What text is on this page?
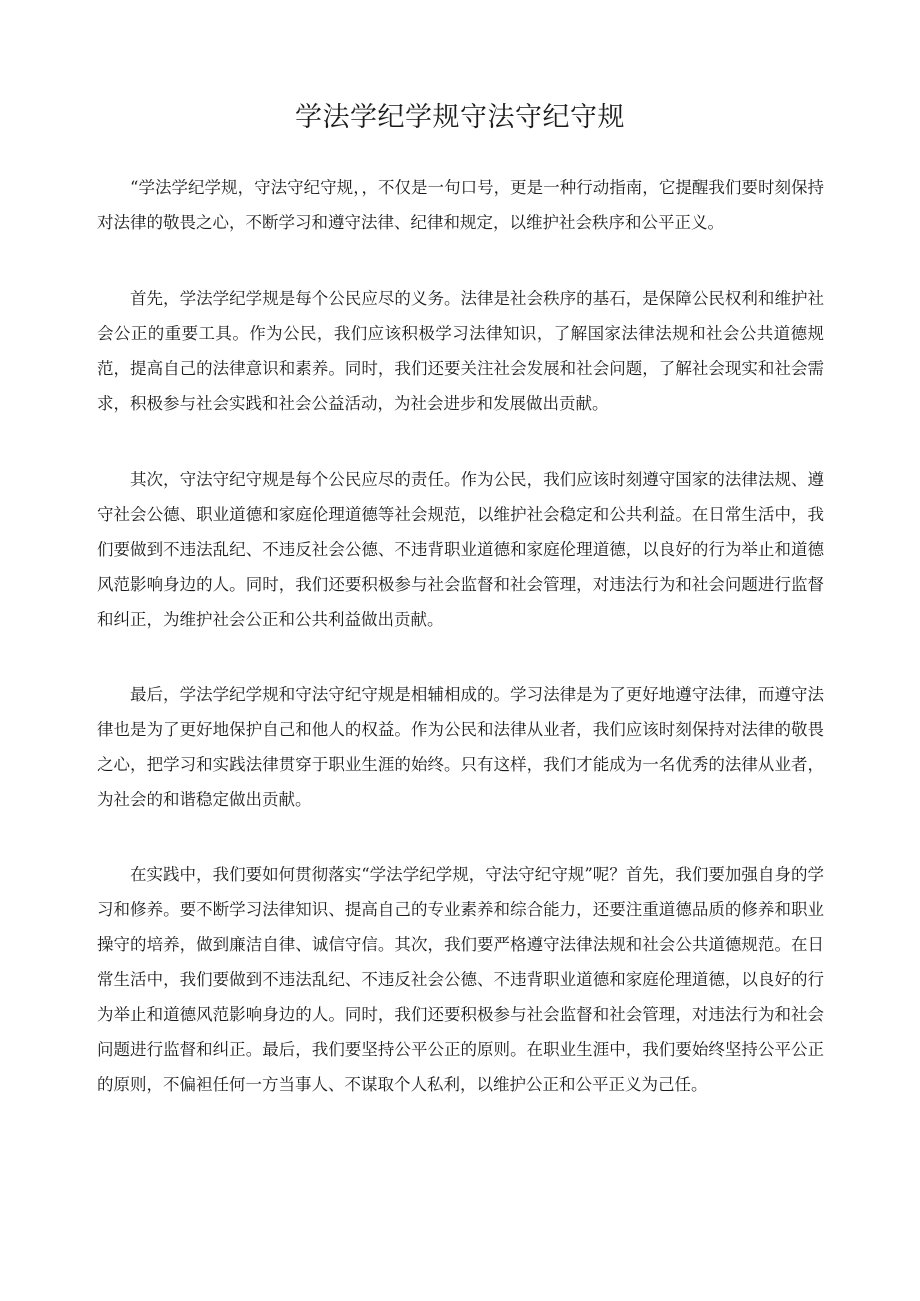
学法学纪学规守法守纪守规

“学法学纪学规，守法守纪守规，，不仅是一句口号，更是一种行动指南，它提醒我们要时刻保持对法律的敬畏之心，不断学习和遵守法律、纪律和规定，以维护社会秩序和公平正义。

首先，学法学纪学规是每个公民应尽的义务。法律是社会秩序的基石，是保障公民权利和维护社会公正的重要工具。作为公民，我们应该积极学习法律知识，了解国家法律法规和社会公共道德规范，提高自己的法律意识和素养。同时，我们还要关注社会发展和社会问题，了解社会现实和社会需求，积极参与社会实践和社会公益活动，为社会进步和发展做出贡献。

其次，守法守纪守规是每个公民应尽的责任。作为公民，我们应该时刻遵守国家的法律法规、遵守社会公德、职业道德和家庭伦理道德等社会规范，以维护社会稳定和公共利益。在日常生活中，我们要做到不违法乱纪、不违反社会公德、不违背职业道德和家庭伦理道德，以良好的行为举止和道德风范影响身边的人。同时，我们还要积极参与社会监督和社会管理，对违法行为和社会问题进行监督和纠正，为维护社会公正和公共利益做出贡献。

最后，学法学纪学规和守法守纪守规是相辅相成的。学习法律是为了更好地遵守法律，而遵守法律也是为了更好地保护自己和他人的权益。作为公民和法律从业者，我们应该时刻保持对法律的敬畏之心，把学习和实践法律贯穿于职业生涯的始终。只有这样，我们才能成为一名优秀的法律从业者，为社会的和谐稳定做出贡献。

在实践中，我们要如何贯彻落实“学法学纪学规，守法守纪守规”呢？首先，我们要加强自身的学习和修养。要不断学习法律知识、提高自己的专业素养和综合能力，还要注重道德品质的修养和职业操守的培养，做到廉洁自律、诚信守信。其次，我们要严格遵守法律法规和社会公共道德规范。在日常生活中，我们要做到不违法乱纪、不违反社会公德、不违背职业道德和家庭伦理道德，以良好的行为举止和道德风范影响身边的人。同时，我们还要积极参与社会监督和社会管理，对违法行为和社会问题进行监督和纠正。最后，我们要坚持公平公正的原则。在职业生涯中，我们要始终坚持公平公正的原则，不偏袒任何一方当事人、不谋取个人私利，以维护公正和公平正义为己任。
